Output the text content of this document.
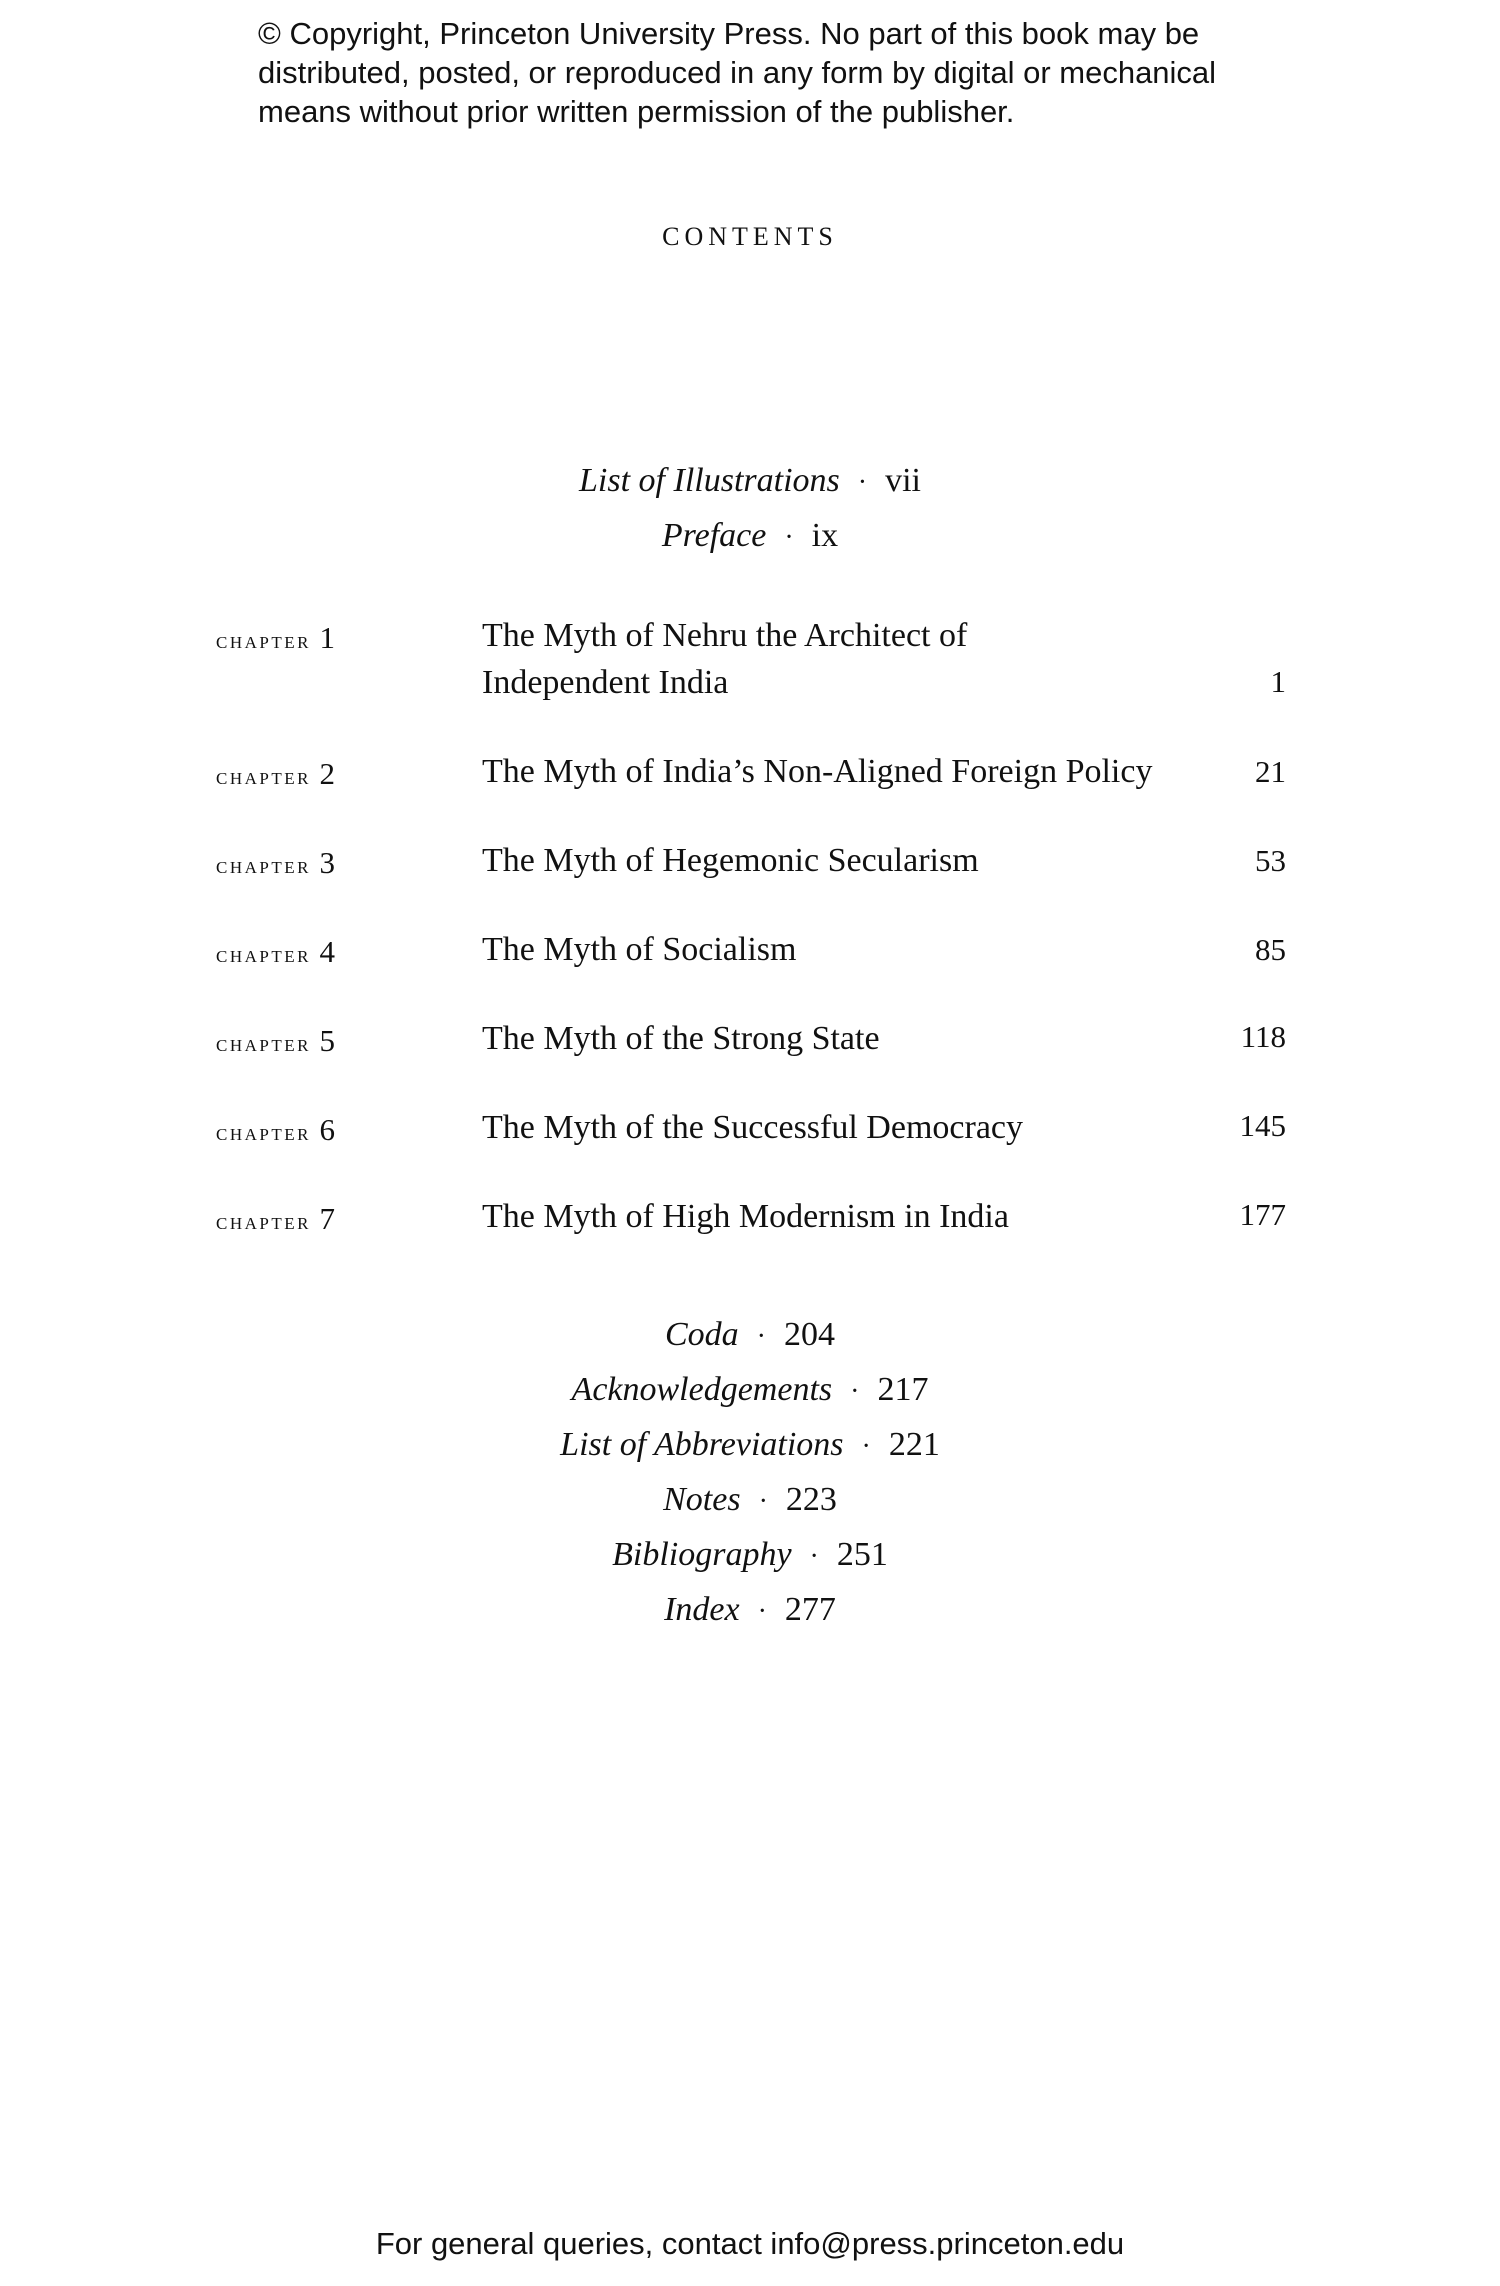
© Copyright, Princeton University Press. No part of this book may be
distributed, posted, or reproduced in any form by digital or mechanical
means without prior written permission of the publisher.
CONTENTS
List of Illustrations · vii
Preface · ix
chapter 1	The Myth of Nehru the Architect of
Independent India	1
chapter 2	The Myth of India’s Non-Aligned Foreign Policy	21
chapter 3	The Myth of Hegemonic Secularism	53
chapter 4	The Myth of Socialism	85
chapter 5	The Myth of the Strong State	118
chapter 6	The Myth of the Successful Democracy	145
chapter 7	The Myth of High Modernism in India	177
Coda · 204
Acknowledgements · 217
List of Abbreviations · 221
Notes · 223
Bibliography · 251
Index · 277
For general queries, contact info@press.princeton.edu
